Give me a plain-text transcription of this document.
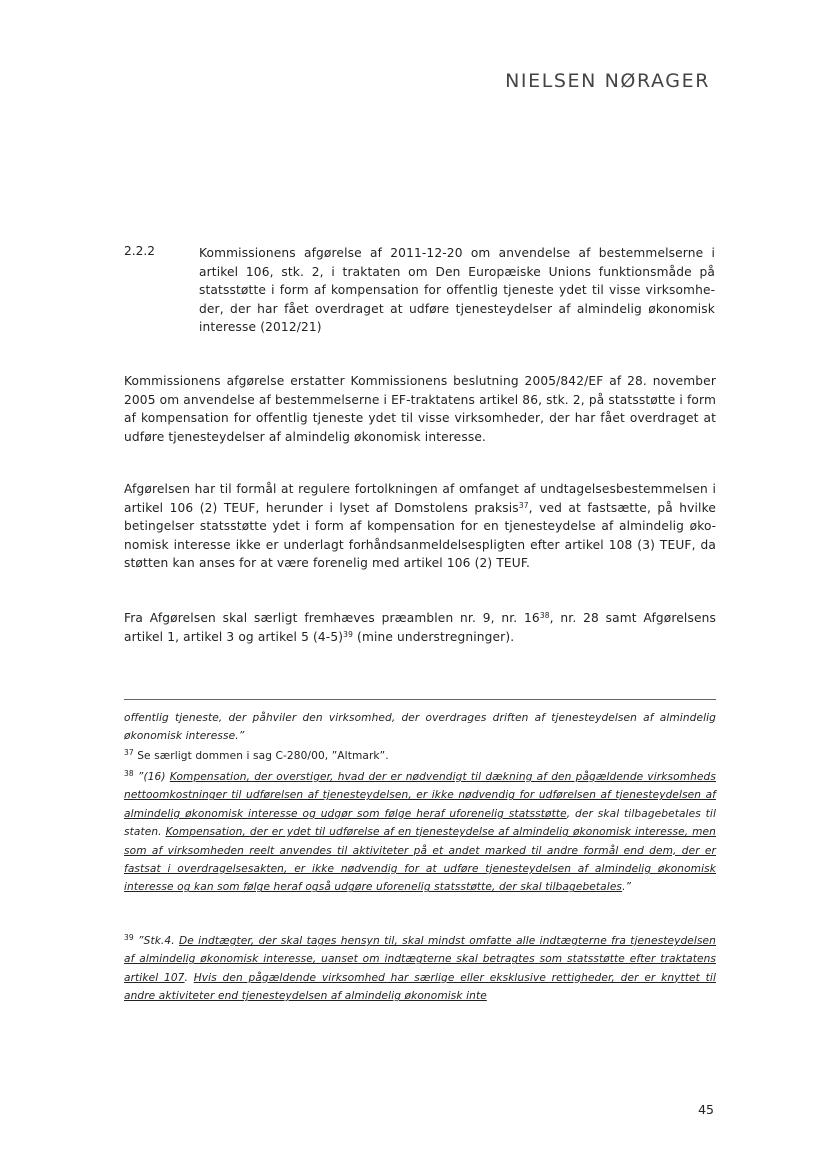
NIELSEN NØRAGER
2.2.2	Kommissionens afgørelse af 2011-12-20 om anvendelse af bestemmelserne i artikel 106, stk. 2, i traktaten om Den Europæiske Unions funktionsmåde på statsstøtte i form af kompensation for offentlig tjeneste ydet til visse virksomheder, der har fået overdraget at udføre tjenesteydelser af almindelig økonomisk interesse (2012/21)
Kommissionens afgørelse erstatter Kommissionens beslutning 2005/842/EF af 28. november 2005 om anvendelse af bestemmelserne i EF-traktatens artikel 86, stk. 2, på statsstøtte i form af kompensation for offentlig tjeneste ydet til visse virksomheder, der har fået overdraget at udføre tjenesteydelser af almindelig økonomisk interesse.
Afgørelsen har til formål at regulere fortolkningen af omfanget af undtagelsesbestemmelsen i artikel 106 (2) TEUF, herunder i lyset af Domstolens praksis$^{37}$, ved at fastsætte, på hvilke betingelser statsstøtte ydet i form af kompensation for en tjenesteydelse af almindelig økonomisk interesse ikke er underlagt forhåndsanmeldelsespligten efter artikel 108 (3) TEUF, da støtten kan anses for at være forenelig med artikel 106 (2) TEUF.
Fra Afgørelsen skal særligt fremhæves præamblen nr. 9, nr. $16^{38}$, nr. 28 samt Afgørelsens artikel 1, artikel 3 og artikel 5 $(4-5)^{39}$ (mine understregninger).
offentlig tjeneste, der påhviler den virksomhed, der overdrages driften af tjenesteydelsen af almindelig økonomisk interesse.”
$^{37}$ Se særligt dommen i sag C-280/00, ”Altmark”.
$^{38}$ ”(16) Kompensation, der overstiger, hvad der er nødvendigt til dækning af den pågældende virksomheds nettoomkostninger til udførelsen af tjenesteydelsen, er ikke nødvendig for udførelsen af tjenesteydelsen af almindelig økonomisk interesse og udgør som følge heraf uforenelig statsstøtte, der skal tilbagebetales til staten. Kompensation, der er ydet til udførelse af en tjenesteydelse af almindelig økonomisk interesse, men som af virksomheden reelt anvendes til aktiviteter på et andet marked til andre formål end dem, der er fastsat i overdragelsesakten, er ikke nødvendig for at udføre tjenesteydelsen af almindelig økonomisk interesse og kan som følge heraf også udgøre uforenelig statsstøtte, der skal tilbagebetales.”
$^{39}$ ”Stk.4. De indtægter, der skal tages hensyn til, skal mindst omfatte alle indtægterne fra tjenesteydelsen af almindelig økonomisk interesse, uanset om indtægterne skal betragtes som statsstøtte efter traktatens artikel 107. Hvis den pågældende virksomhed har særlige eller eksklusive rettigheder, der er knyttet til andre aktiviteter end tjenesteydelsen af almindelig økonomisk inte
45
